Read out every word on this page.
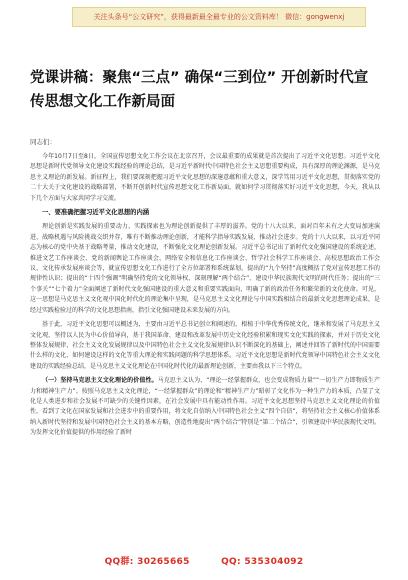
关注头条号“公文研究”，获得最新最全最专业的公文资料库！ 微信：gongwenxj
党课讲稿：聚焦“三点” 确保“三到位” 开创新时代宣传思想文化工作新局面
同志们：

今年10月7日至8日，全国宣传思想文化工作会议在北京召开，会议最重要的成果就是首次提出了习近平文化思想。习近平文化思想是新时代党领导文化建设实践经验的理论总结，是习近平新时代中国特色社会主义思想重要构成，具有深厚的理论渊源，是马克思主义理论的新发展。新征程上，我们要深刻把握习近平文化思想的深邃意蕴和重大意义，深学笃用习近平文化思想，贯彻落实党的二十大关于文化建设的战略部署，不断开创新时代宣传思想文化工作新局面，就如何学习贯彻落实好习近平文化思想，今天，我从以下几个方面与大家共同学习交流。

一、要准确把握习近平文化思想的内涵

理论创新是实践发展的重要动力，实践探索也为理论创新提供了丰厚的滋养。党的十八大以来，面对百年未有之大变局加速演进、战略机遇与风险挑战交织并存，唯有不断推动理论创新，才能科学指导实践发展，推动社会进步。党的十八大以来，以习近平同志为核心的党中央基于战略考量，推动文化建设，不断强化文化理论创新发展。习近平总书记出了新时代文化强国建设的系统论述，推进文艺工作座谈会、党的新闻舆论工作座谈会、网络安全和信息化工作座谈会、哲学社会科学工作座谈会、高校思想政治工作会议、文化传承发展座谈会等，就宣传思想文化工作进行了全方位部署和系统谋划，提出的“九个坚持”高度概括了党对宣传思想工作的规律性认识；提出的“十四个强调”明确坚持党的文化领导权、深刻理解“两个结合”、建设中华民族现代文明的时代任务；提出的“三个事关”“七个着力”全面阐述了新时代文化强国建设的重大意义和重要实践面向，明确了新的政治任务和繁荣新的文化使命。可见，这一思想是马克思主义文化观中国化时代化的理论集中呈现，是马克思主义文化理论与中国实践相结合的最新文化思想理论成果，是经过实践检验过的科学的文化思想指南，指引文化强国建设未来发展的方向。

基于此，习近平文化思想可以概述为，主要由习近平总书记创立和阐述的，根植于中华优秀传统文化，继承和发展了马克思主义文化观，坚持以人民为中心价值导向，基于我国革命、建设和改革发展中历史文化经验积累和现实文化实践的探索，并对于历史文化整体发展规律、社会主义文化发展规律以及中国特色社会主义文化发展规律认识不断深化的基础上，阐述并回答了新时代的中国需要什么样的文化、如何建设这样的文化等重大理论和实践问题的科学思想体系。习近平文化思想是新时代党领导中国特色社会主义文化建设的实践经验总结，是马克思主义文化理论在中国化时代化的最新理论创新，主要由我以下三个特点。

（一）坚持马克思主义文化理论的价值性。马克思主义认为，“理论一经掌握群众，也会变成物质力量”“一切生产力即物质生产力和精神生产力”。按照马克思主义文化理论，“一经掌握群众”的理论和“精神生产力”昭彰了文化作为一种生产力的本质，凸显了文化是人类进步和社会发展不可缺少的关键性因素，在社会发展中具有能动性作用。习近平文化思想坚持马克思主义文化理论的价值性，看到了文化在国家发展和社会进步中的重要作用，将文化自信纳入中国特色社会主义“四个自信”，将坚持社会主义核心价值体系纳入新时代坚持和发展中国特色社会主义的基本方略，创造性地提出“两个结合”特别是“第二个结合”，引领建设中华民族现代文明。为发挥文化价值提供的作用经验了新时

QQ群: 30265665	QQ: 535304092
